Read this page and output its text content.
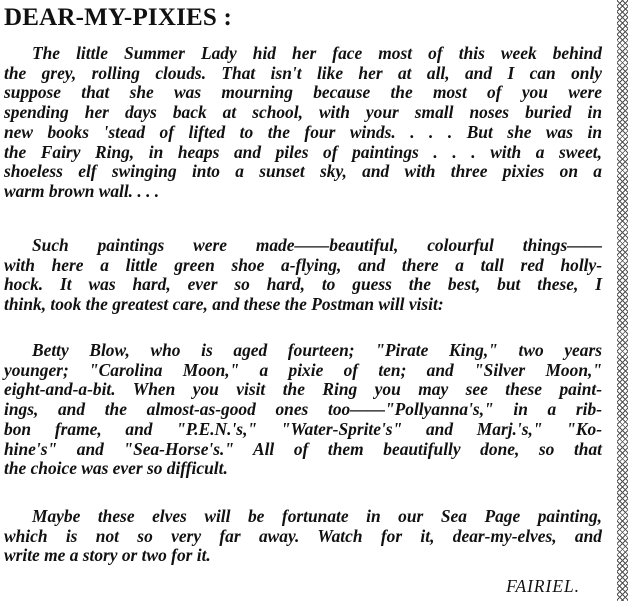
DEAR-MY-PIXIES :
The little Summer Lady hid her face most of this week behind
the grey, rolling clouds. That isn't like her at all, and I can only
suppose that she was mourning because the most of you were
spending her days back at school, with your small noses buried in
new books 'stead of lifted to the four winds. . . . But she was in
the Fairy Ring, in heaps and piles of paintings . . . with a sweet,
shoeless elf swinging into a sunset sky, and with three pixies on a
warm brown wall. . . .
Such paintings were made——beautiful, colourful things——
with here a little green shoe a-flying, and there a tall red holly-
hock. It was hard, ever so hard, to guess the best, but these, I
think, took the greatest care, and these the Postman will visit:
Betty Blow, who is aged fourteen; "Pirate King," two years
younger; "Carolina Moon," a pixie of ten; and "Silver Moon,"
eight-and-a-bit. When you visit the Ring you may see these paint-
ings, and the almost-as-good ones too——"Pollyanna's," in a rib-
bon frame, and "P.E.N.'s," "Water-Sprite's" and Marj.'s," "Ko-
hine's" and "Sea-Horse's." All of them beautifully done, so that
the choice was ever so difficult.
Maybe these elves will be fortunate in our Sea Page painting,
which is not so very far away. Watch for it, dear-my-elves, and
write me a story or two for it.
FAIRIEL.
